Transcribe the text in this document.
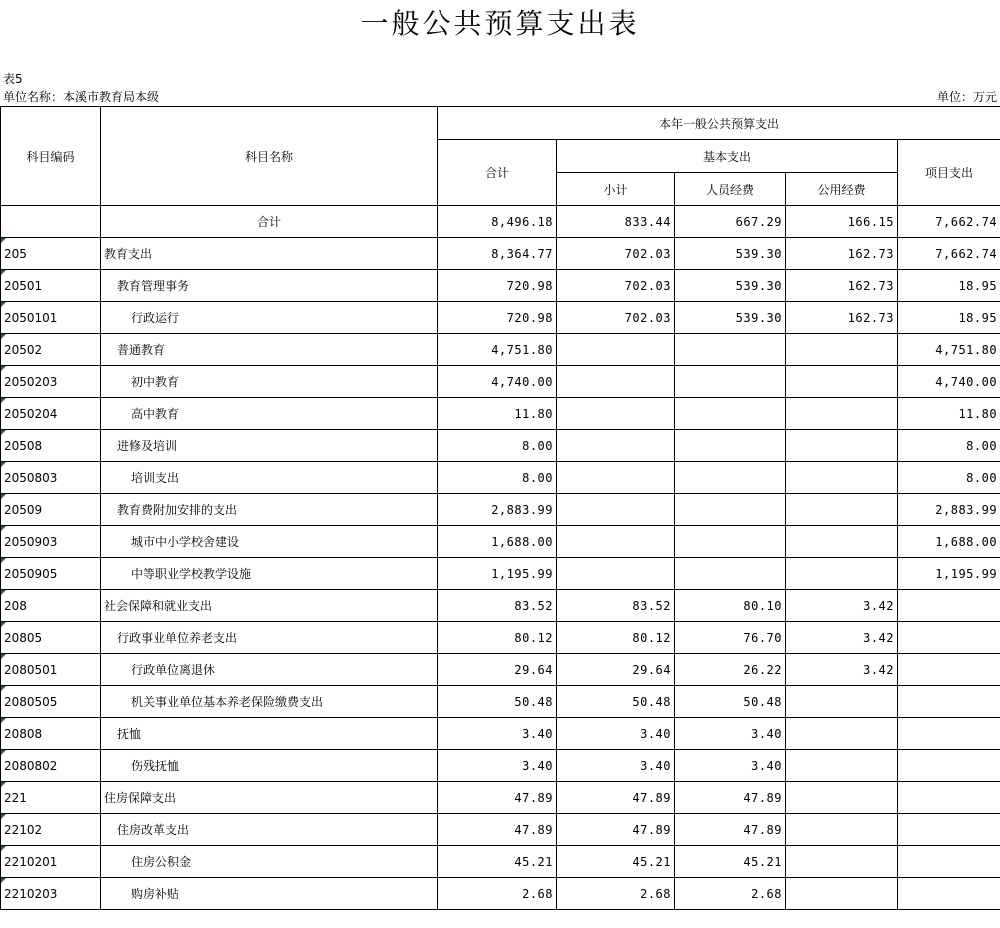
一般公共预算支出表
表5
单位名称：本溪市教育局本级	单位：万元
科目编码	科目名称	本年一般公共预算支出				
		合计	基本支出			项目支出
			小计	人员经费	公用经费	
	合计	8,496.18	833.44	667.29	166.15	7,662.74
205	教育支出	8,364.77	702.03	539.30	162.73	7,662.74
20501	教育管理事务	720.98	702.03	539.30	162.73	18.95
2050101	行政运行	720.98	702.03	539.30	162.73	18.95
20502	普通教育	4,751.80				4,751.80
2050203	初中教育	4,740.00				4,740.00
2050204	高中教育	11.80				11.80
20508	进修及培训	8.00				8.00
2050803	培训支出	8.00				8.00
20509	教育费附加安排的支出	2,883.99				2,883.99
2050903	城市中小学校舍建设	1,688.00				1,688.00
2050905	中等职业学校教学设施	1,195.99				1,195.99
208	社会保障和就业支出	83.52	83.52	80.10	3.42	
20805	行政事业单位养老支出	80.12	80.12	76.70	3.42	
2080501	行政单位离退休	29.64	29.64	26.22	3.42	
2080505	机关事业单位基本养老保险缴费支出	50.48	50.48	50.48		
20808	抚恤	3.40	3.40	3.40		
2080802	伤残抚恤	3.40	3.40	3.40		
221	住房保障支出	47.89	47.89	47.89		
22102	住房改革支出	47.89	47.89	47.89		
2210201	住房公积金	45.21	45.21	45.21		
2210203	购房补贴	2.68	2.68	2.68		
